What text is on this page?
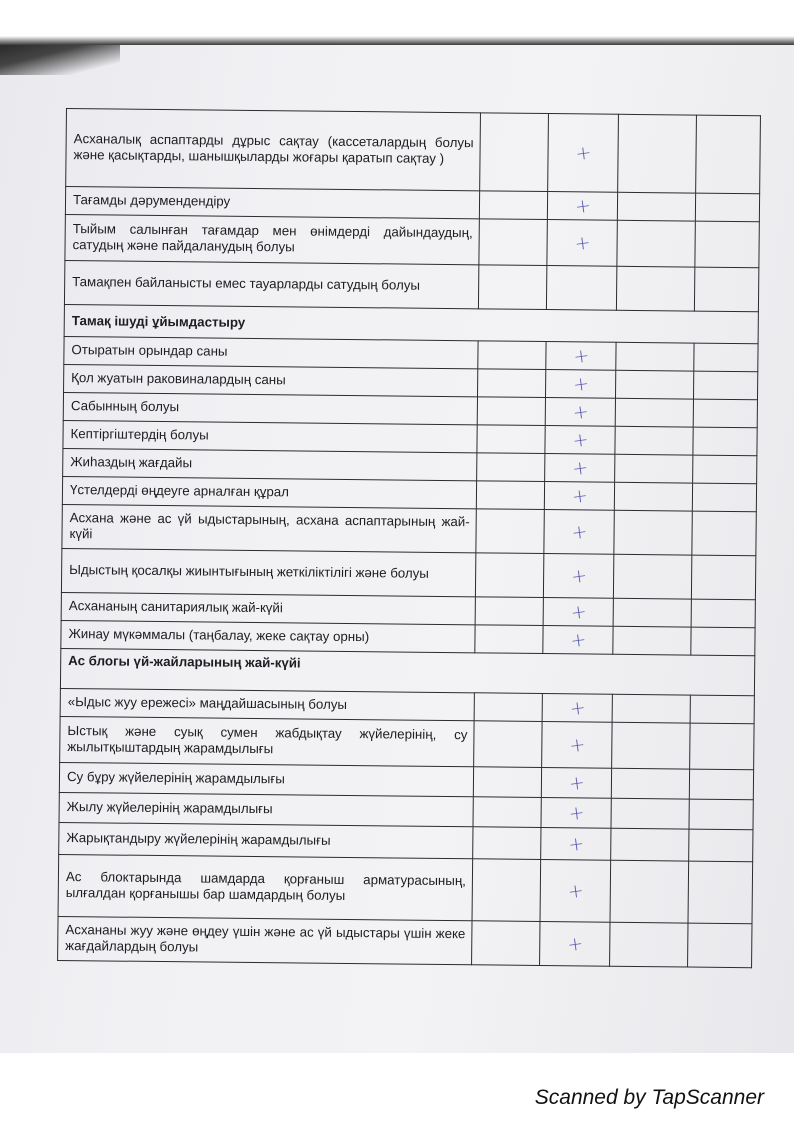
Асханалық аспаптарды дұрыс сақтау (кассеталардың болуы және қасықтарды, шанышқыларды жоғары қаратып сақтау )		+		
Тағамды дәрумендендіру		+		
Тыйым салынған тағамдар мен өнімдерді дайындаудың, сатудың және пайдаланудың болуы		+		
Тамақпен байланысты емес тауарларды сатудың болуы				
Тамақ ішуді ұйымдастыру				
Отыратын орындар саны		+		
Қол жуатын раковиналардың саны		+		
Сабынның болуы		+		
Кептіргіштердің болуы		+		
Жиһаздың жағдайы		+		
Үстелдерді өңдеуге арналған құрал		+		
Асхана және ас үй ыдыстарының, асхана аспаптарының жай-күйі		+		
Ыдыстың қосалқы жиынтығының жеткіліктілігі және болуы		+		
Асхананың санитариялық жай-күйі		+		
Жинау мүкәммалы (таңбалау, жеке сақтау орны)		+		
Ас блогы үй-жайларының жай-күйі				
«Ыдыс жуу ережесі» маңдайшасының болуы		+		
Ыстық және суық сумен жабдықтау жүйелерінің, су жылытқыштардың жарамдылығы		+		
Су бұру жүйелерінің жарамдылығы		+		
Жылу жүйелерінің жарамдылығы		+		
Жарықтандыру жүйелерінің жарамдылығы		+		
Ас блоктарында шамдарда қорғаныш арматурасының, ылғалдан қорғанышы бар шамдардың болуы		+		
Асхананы жуу және өңдеу үшін және ас үй ыдыстары үшін жеке жағдайлардың болуы		+		
Scanned by TapScanner
